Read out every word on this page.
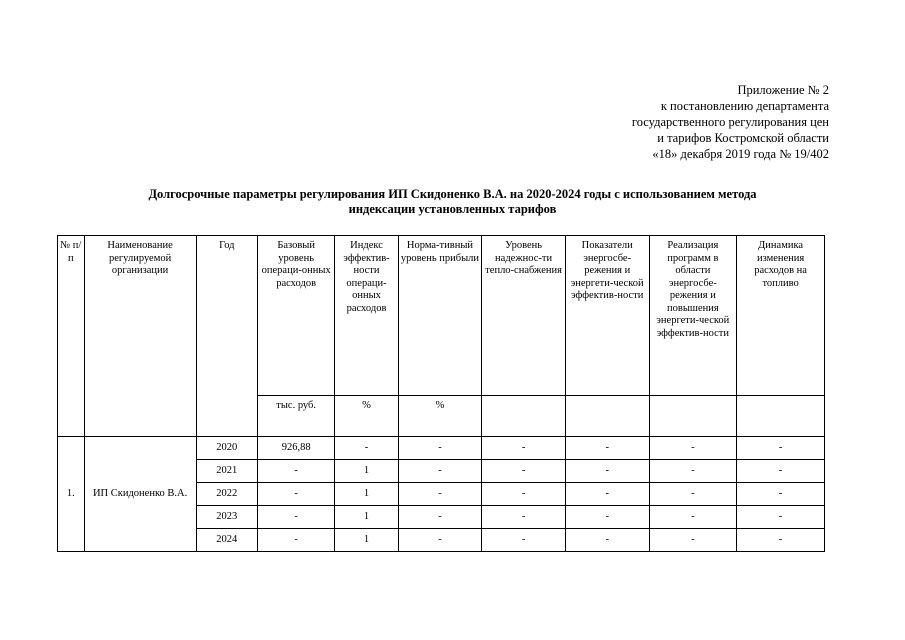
Приложение № 2
к постановлению департамента
государственного регулирования цен
и тарифов Костромской области
«18» декабря 2019 года № 19/402
Долгосрочные параметры регулирования ИП Скидоненко В.А. на 2020-2024 годы с использованием метода
индексации установленных тарифов
№ п/п	Наименование регулируемой организации	Год	Базовый уровень операци-онных расходов	Индекс эффектив-ности операци-онных расходов	Норма-тивный уровень прибыли	Уровень надежнос-ти тепло-снабжения	Показатели энергосбе-режения и энергети-ческой эффектив-ности	Реализация программ в области энергосбе-режения и повышения энергети-ческой эффектив-ности	Динамика изменения расходов на топливо
			тыс. руб.	%	%				
1.	ИП Скидоненко В.А.	2020	926,88	-	-	-	-	-	-
		2021	-	1	-	-	-	-	-
		2022	-	1	-	-	-	-	-
		2023	-	1	-	-	-	-	-
		2024	-	1	-	-	-	-	-
